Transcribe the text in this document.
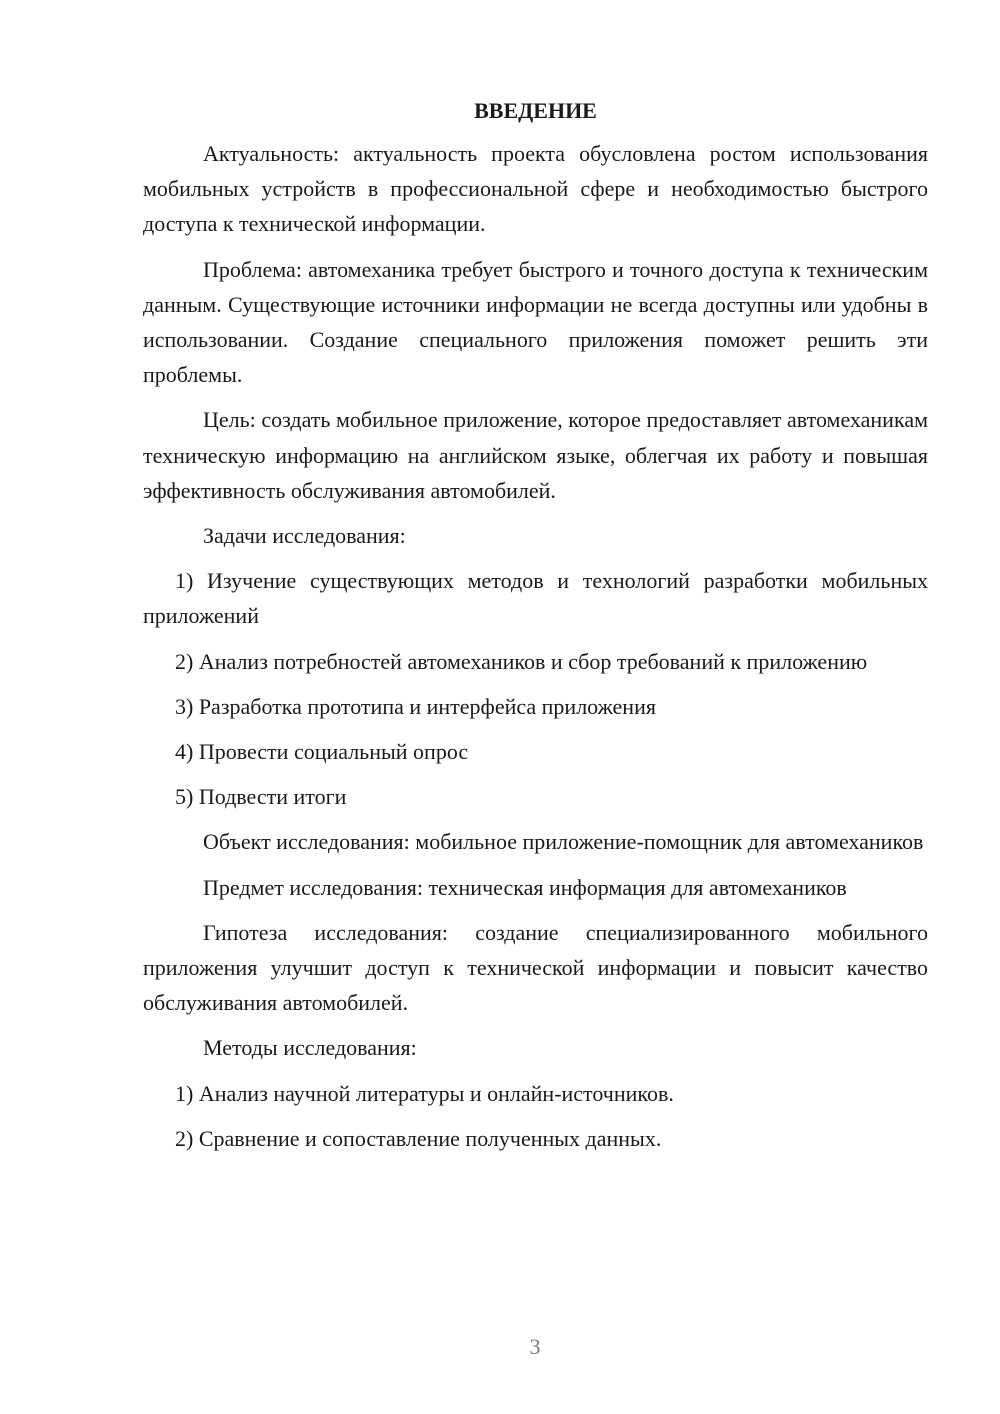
ВВЕДЕНИЕ

Актуальность: актуальность проекта обусловлена ростом использования мобильных устройств в профессиональной сфере и необходимостью быстрого доступа к технической информации.

Проблема: автомеханика требует быстрого и точного доступа к техническим данным. Существующие источники информации не всегда доступны или удобны в использовании. Создание специального приложения поможет решить эти проблемы.

Цель: создать мобильное приложение, которое предоставляет автомеханикам техническую информацию на английском языке, облегчая их работу и повышая эффективность обслуживания автомобилей.

Задачи исследования:

1) Изучение существующих методов и технологий разработки мобильных приложений

2) Анализ потребностей автомехаников и сбор требований к приложению

3) Разработка прототипа и интерфейса приложения

4) Провести социальный опрос

5) Подвести итоги

Объект исследования: мобильное приложение-помощник для автомехаников

Предмет исследования: техническая информация для автомехаников

Гипотеза исследования: создание специализированного мобильного приложения улучшит доступ к технической информации и повысит качество обслуживания автомобилей.

Методы исследования:

1) Анализ научной литературы и онлайн-источников.

2) Сравнение и сопоставление полученных данных.

3
